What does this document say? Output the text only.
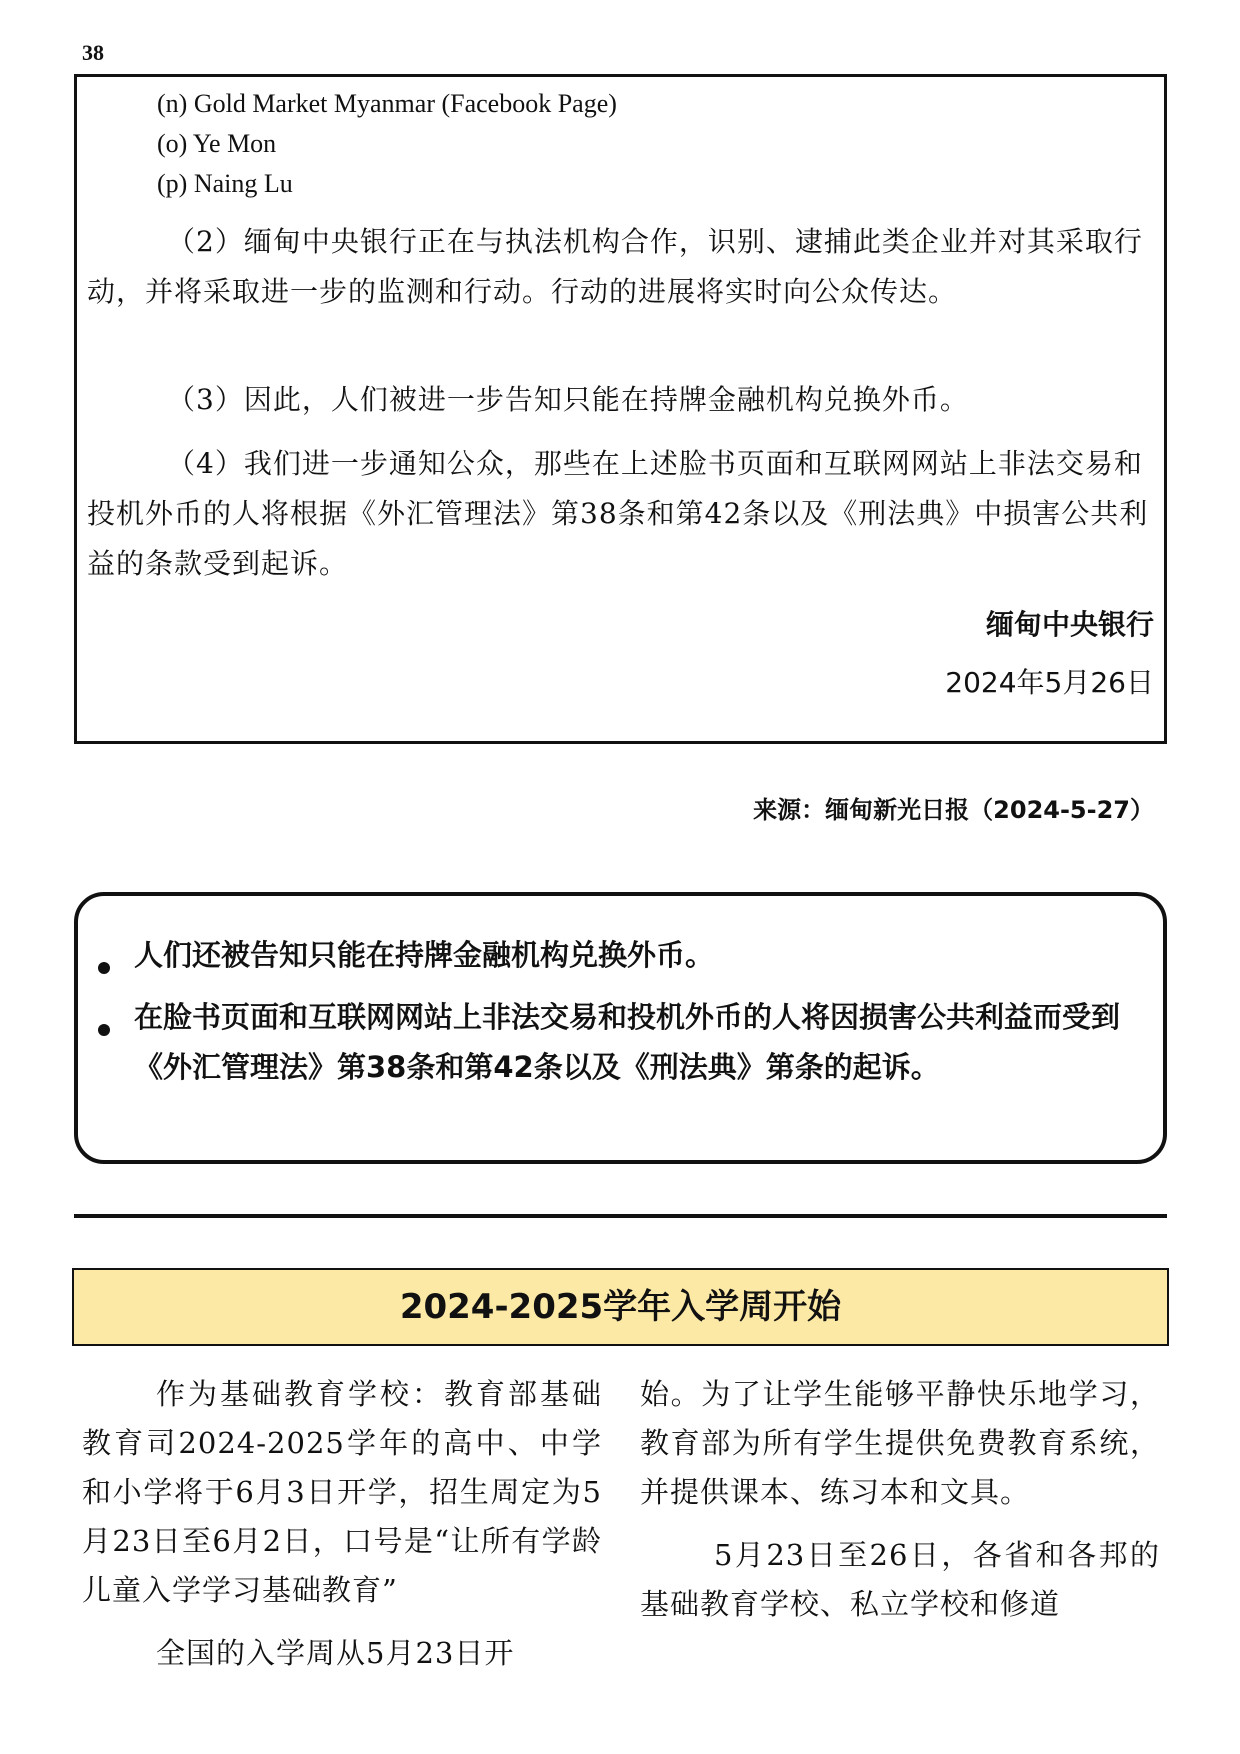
38
(n) Gold Market Myanmar (Facebook Page)
(o) Ye Mon
(p) Naing Lu
（2）缅甸中央银行正在与执法机构合作，识别、逮捕此类企业并对其采取行动，并将采取进一步的监测和行动。行动的进展将实时向公众传达。
（3）因此，人们被进一步告知只能在持牌金融机构兑换外币。
（4）我们进一步通知公众，那些在上述脸书页面和互联网网站上非法交易和投机外币的人将根据《外汇管理法》第38条和第42条以及《刑法典》中损害公共利益的条款受到起诉。
缅甸中央银行
2024年5月26日
来源：缅甸新光日报（2024-5-27）
人们还被告知只能在持牌金融机构兑换外币。
在脸书页面和互联网网站上非法交易和投机外币的人将因损害公共利益而受到《外汇管理法》第38条和第42条以及《刑法典》第条的起诉。
2024-2025学年入学周开始

作为基础教育学校：教育部基础教育司2024-2025学年的高中、中学和小学将于6月3日开学，招生周定为5月23日至6月2日，口号是“让所有学龄儿童入学学习基础教育”

全国的入学周从5月23日开

始。为了让学生能够平静快乐地学习，教育部为所有学生提供免费教育系统，并提供课本、练习本和文具。

5月23日至26日，各省和各邦的基础教育学校、私立学校和修道
